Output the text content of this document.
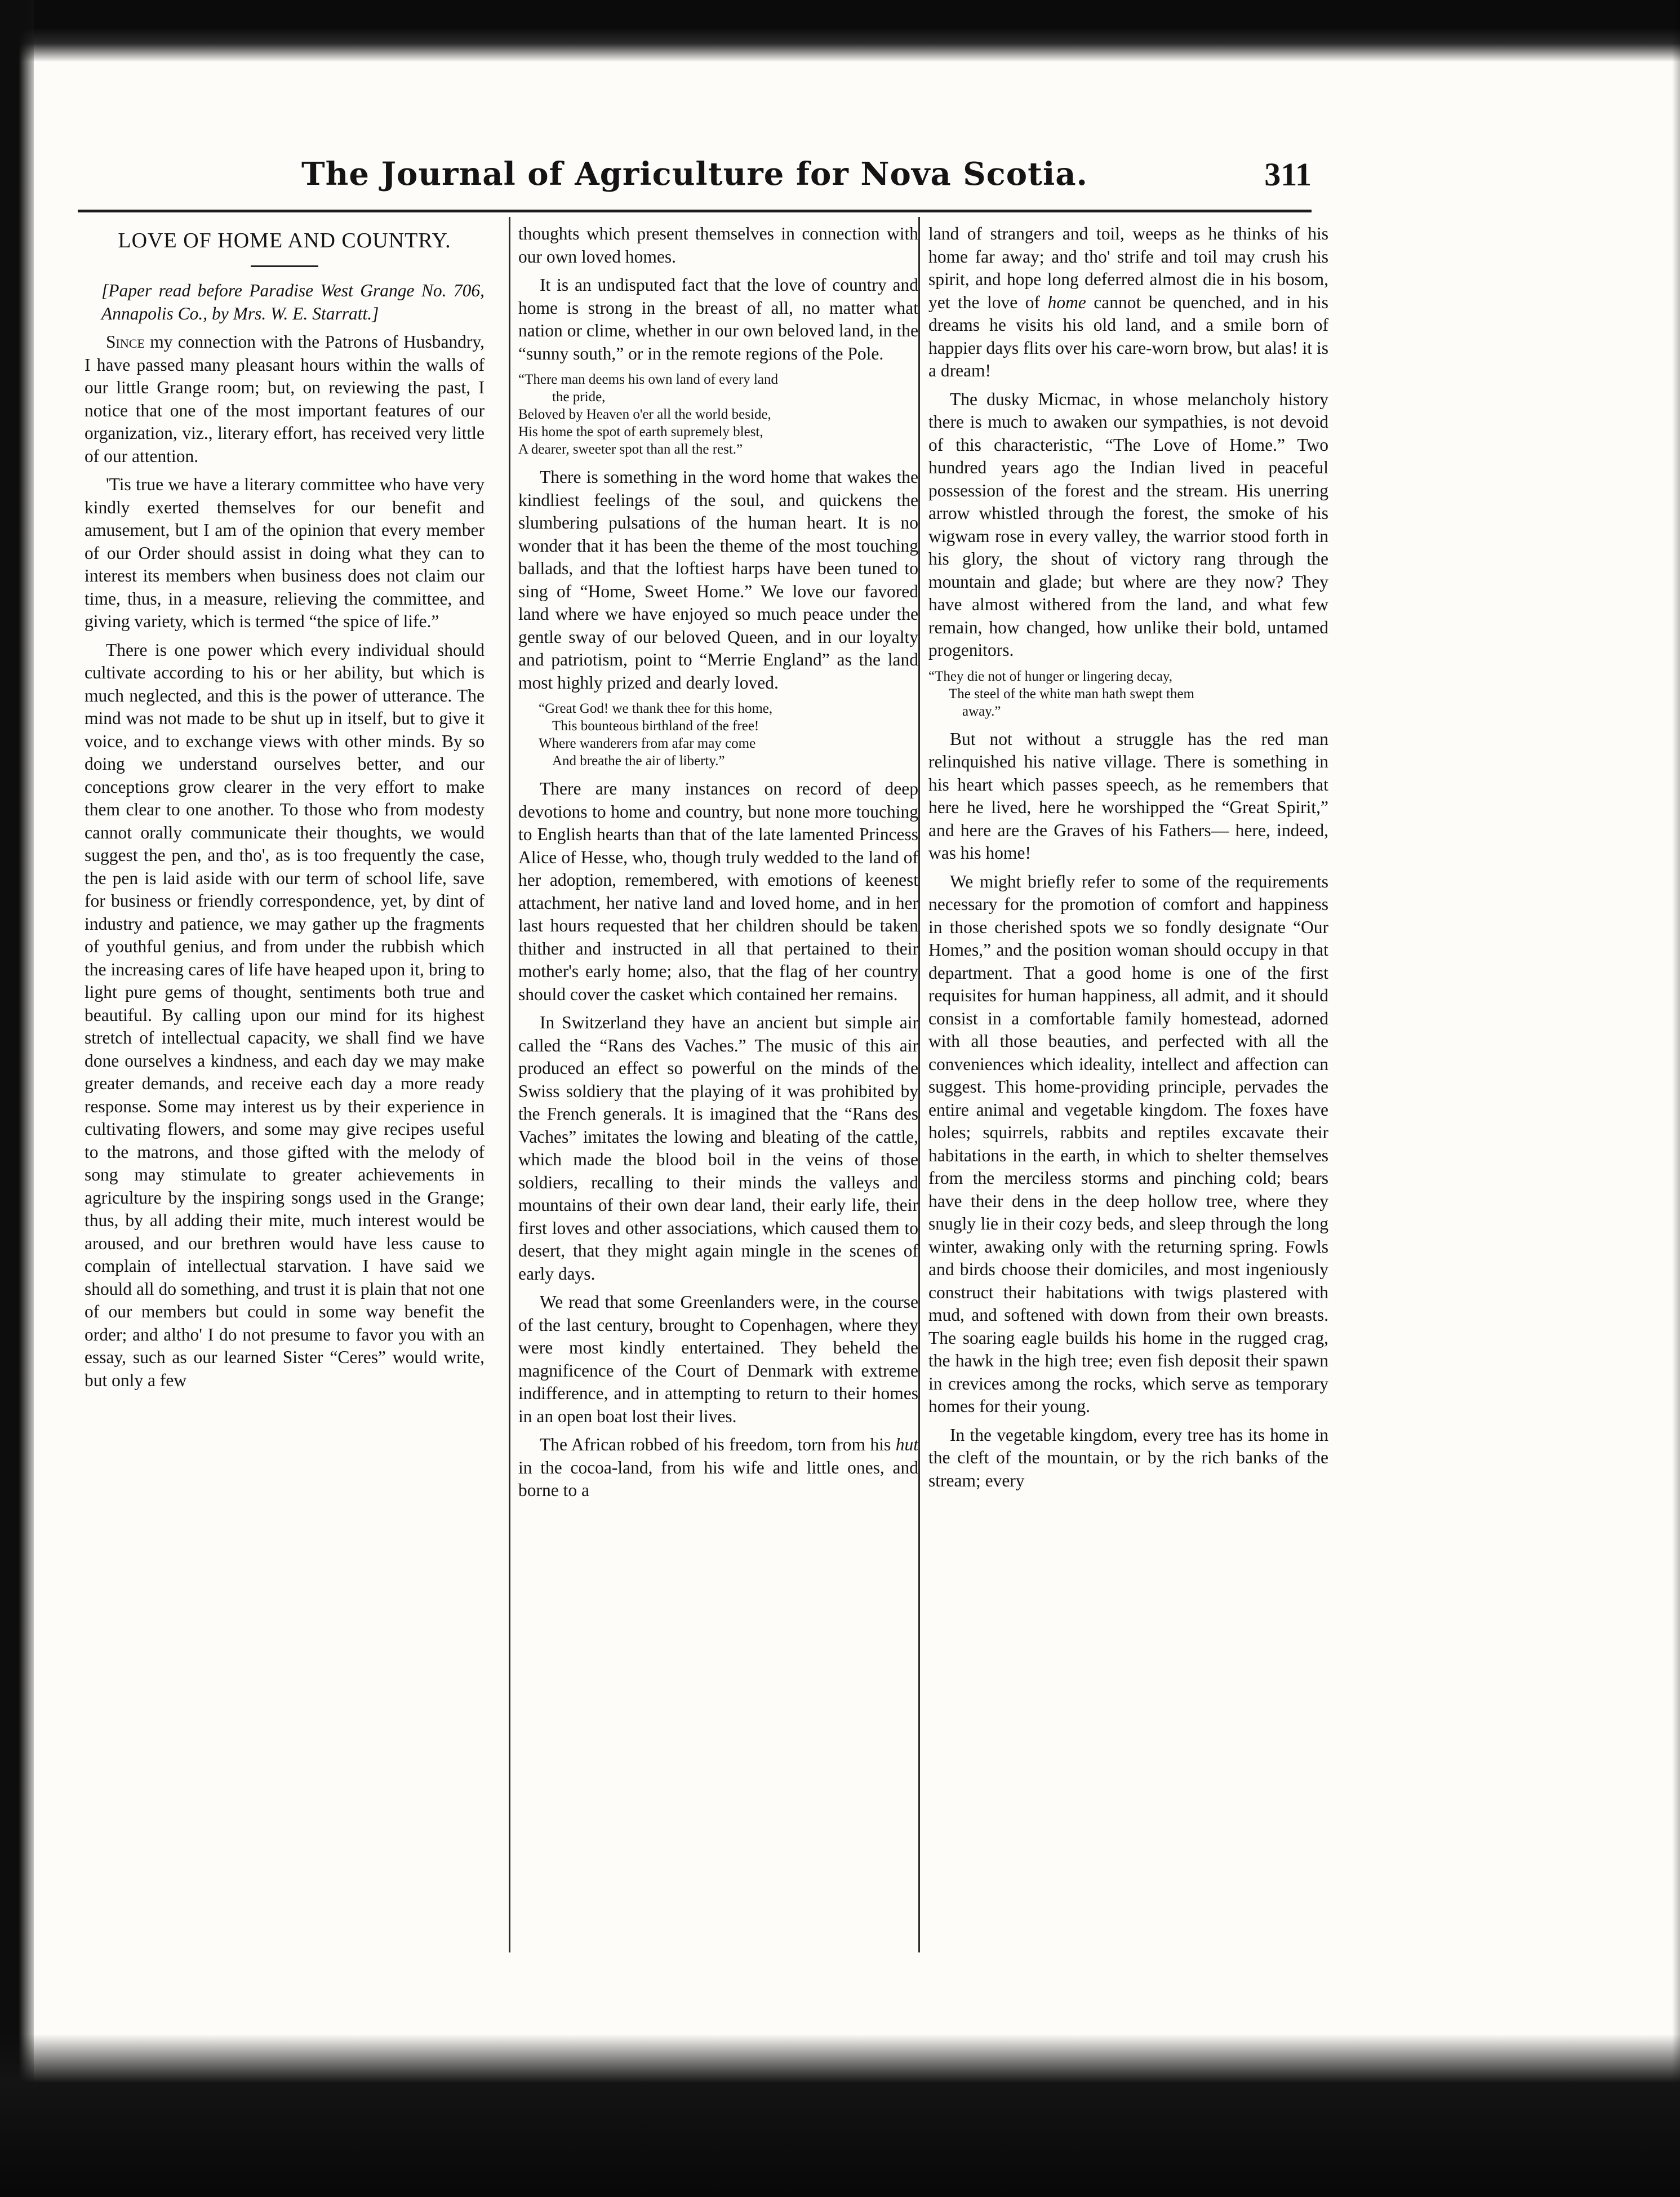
The Journal of Agriculture for Nova Scotia.	311
LOVE OF HOME AND COUNTRY.

[Paper read before Paradise West Grange No. 706, Annapolis Co., by Mrs. W. E. Starratt.]

Since my connection with the Patrons of Husbandry, I have passed many pleasant hours within the walls of our little Grange room; but, on reviewing the past, I notice that one of the most important features of our organization, viz., literary effort, has received very little of our attention.

'Tis true we have a literary committee who have very kindly exerted themselves for our benefit and amusement, but I am of the opinion that every member of our Order should assist in doing what they can to interest its members when business does not claim our time, thus, in a measure, relieving the committee, and giving variety, which is termed “the spice of life.”

There is one power which every individual should cultivate according to his or her ability, but which is much neglected, and this is the power of utterance. The mind was not made to be shut up in itself, but to give it voice, and to exchange views with other minds. By so doing we understand ourselves better, and our conceptions grow clearer in the very effort to make them clear to one another. To those who from modesty cannot orally communicate their thoughts, we would suggest the pen, and tho', as is too frequently the case, the pen is laid aside with our term of school life, save for business or friendly correspondence, yet, by dint of industry and patience, we may gather up the fragments of youthful genius, and from under the rubbish which the increasing cares of life have heaped upon it, bring to light pure gems of thought, sentiments both true and beautiful. By calling upon our mind for its highest stretch of intellectual capacity, we shall find we have done ourselves a kindness, and each day we may make greater demands, and receive each day a more ready response. Some may interest us by their experience in cultivating flowers, and some may give recipes useful to the matrons, and those gifted with the melody of song may stimulate to greater achievements in agriculture by the inspiring songs used in the Grange; thus, by all adding their mite, much interest would be aroused, and our brethren would have less cause to complain of intellectual starvation. I have said we should all do something, and trust it is plain that not one of our members but could in some way benefit the order; and altho' I do not presume to favor you with an essay, such as our learned Sister “Ceres” would write, but only a few

thoughts which present themselves in connection with our own loved homes.

It is an undisputed fact that the love of country and home is strong in the breast of all, no matter what nation or clime, whether in our own beloved land, in the “sunny south,” or in the remote regions of the Pole.

“There man deems his own land of every land
the pride,
Beloved by Heaven o'er all the world beside,
His home the spot of earth supremely blest,
A dearer, sweeter spot than all the rest.”

There is something in the word home that wakes the kindliest feelings of the soul, and quickens the slumbering pulsations of the human heart. It is no wonder that it has been the theme of the most touching ballads, and that the loftiest harps have been tuned to sing of “Home, Sweet Home.” We love our favored land where we have enjoyed so much peace under the gentle sway of our beloved Queen, and in our loyalty and patriotism, point to “Merrie England” as the land most highly prized and dearly loved.

“Great God! we thank thee for this home,
This bounteous birthland of the free!
Where wanderers from afar may come
And breathe the air of liberty.”

There are many instances on record of deep devotions to home and country, but none more touching to English hearts than that of the late lamented Princess Alice of Hesse, who, though truly wedded to the land of her adoption, remembered, with emotions of keenest attachment, her native land and loved home, and in her last hours requested that her children should be taken thither and instructed in all that pertained to their mother's early home; also, that the flag of her country should cover the casket which contained her remains.

In Switzerland they have an ancient but simple air called the “Rans des Vaches.” The music of this air produced an effect so powerful on the minds of the Swiss soldiery that the playing of it was prohibited by the French generals. It is imagined that the “Rans des Vaches” imitates the lowing and bleating of the cattle, which made the blood boil in the veins of those soldiers, recalling to their minds the valleys and mountains of their own dear land, their early life, their first loves and other associations, which caused them to desert, that they might again mingle in the scenes of early days.

We read that some Greenlanders were, in the course of the last century, brought to Copenhagen, where they were most kindly entertained. They beheld the magnificence of the Court of Denmark with extreme indifference, and in attempting to return to their homes in an open boat lost their lives.

The African robbed of his freedom, torn from his hut in the cocoa-land, from his wife and little ones, and borne to a

land of strangers and toil, weeps as he thinks of his home far away; and tho' strife and toil may crush his spirit, and hope long deferred almost die in his bosom, yet the love of home cannot be quenched, and in his dreams he visits his old land, and a smile born of happier days flits over his care-worn brow, but alas! it is a dream!

The dusky Micmac, in whose melancholy history there is much to awaken our sympathies, is not devoid of this characteristic, “The Love of Home.” Two hundred years ago the Indian lived in peaceful possession of the forest and the stream. His unerring arrow whistled through the forest, the smoke of his wigwam rose in every valley, the warrior stood forth in his glory, the shout of victory rang through the mountain and glade; but where are they now? They have almost withered from the land, and what few remain, how changed, how unlike their bold, untamed progenitors.

“They die not of hunger or lingering decay,
The steel of the white man hath swept them
away.”

But not without a struggle has the red man relinquished his native village. There is something in his heart which passes speech, as he remembers that here he lived, here he worshipped the “Great Spirit,” and here are the Graves of his Fathers— here, indeed, was his home!

We might briefly refer to some of the requirements necessary for the promotion of comfort and happiness in those cherished spots we so fondly designate “Our Homes,” and the position woman should occupy in that department. That a good home is one of the first requisites for human happiness, all admit, and it should consist in a comfortable family homestead, adorned with all those beauties, and perfected with all the conveniences which ideality, intellect and affection can suggest. This home-providing principle, pervades the entire animal and vegetable kingdom. The foxes have holes; squirrels, rabbits and reptiles excavate their habitations in the earth, in which to shelter themselves from the merciless storms and pinching cold; bears have their dens in the deep hollow tree, where they snugly lie in their cozy beds, and sleep through the long winter, awaking only with the returning spring. Fowls and birds choose their domiciles, and most ingeniously construct their habitations with twigs plastered with mud, and softened with down from their own breasts. The soaring eagle builds his home in the rugged crag, the hawk in the high tree; even fish deposit their spawn in crevices among the rocks, which serve as temporary homes for their young.

In the vegetable kingdom, every tree has its home in the cleft of the mountain, or by the rich banks of the stream; every
